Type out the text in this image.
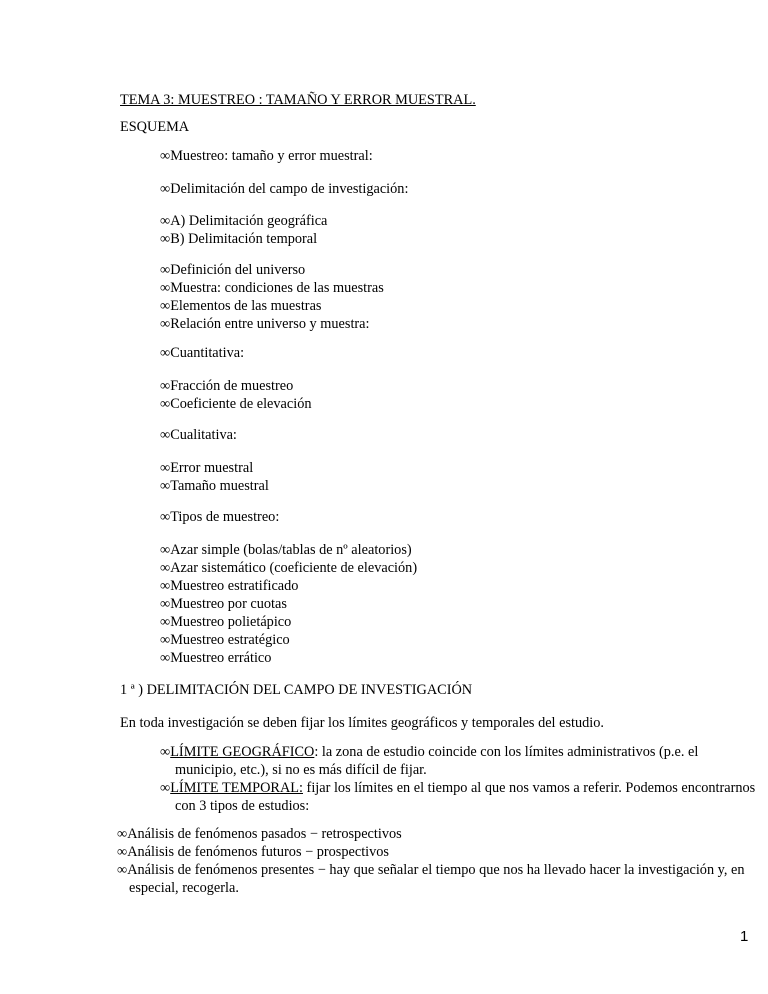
TEMA 3: MUESTREO : TAMAÑO Y ERROR MUESTRAL.
ESQUEMA
∞Muestreo: tamaño y error muestral:
∞Delimitación del campo de investigación:
∞A) Delimitación geográfica
∞B) Delimitación temporal
∞Definición del universo
∞Muestra: condiciones de las muestras
∞Elementos de las muestras
∞Relación entre universo y muestra:
∞Cuantitativa:
∞Fracción de muestreo
∞Coeficiente de elevación
∞Cualitativa:
∞Error muestral
∞Tamaño muestral
∞Tipos de muestreo:
∞Azar simple (bolas/tablas de nº aleatorios)
∞Azar sistemático (coeficiente de elevación)
∞Muestreo estratificado
∞Muestreo por cuotas
∞Muestreo polietápico
∞Muestreo estratégico
∞Muestreo errático
1 ª ) DELIMITACIÓN DEL CAMPO DE INVESTIGACIÓN
En toda investigación se deben fijar los límites geográficos y temporales del estudio.
∞LÍMITE GEOGRÁFICO: la zona de estudio coincide con los límites administrativos (p.e. el
municipio, etc.), si no es más difícil de fijar.
∞LÍMITE TEMPORAL: fijar los límites en el tiempo al que nos vamos a referir. Podemos encontrarnos
con 3 tipos de estudios:
∞Análisis de fenómenos pasados − retrospectivos
∞Análisis de fenómenos futuros − prospectivos
∞Análisis de fenómenos presentes − hay que señalar el tiempo que nos ha llevado hacer la investigación y, en
especial, recogerla.
1
